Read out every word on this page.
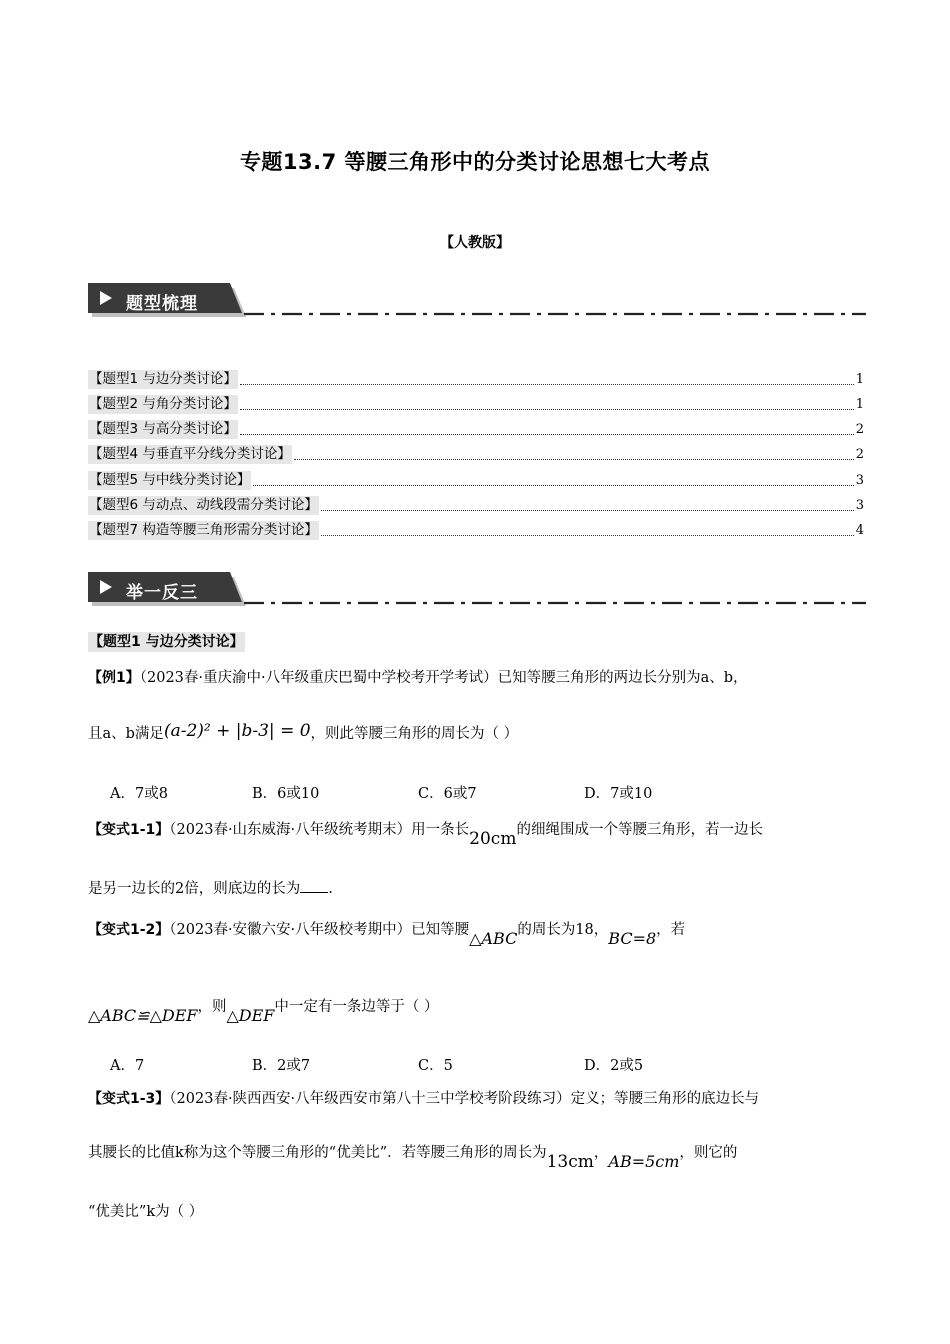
专题13.7 等腰三角形中的分类讨论思想七大考点
【人教版】
题型梳理
【题型1 与边分类讨论】	1
【题型2 与角分类讨论】	1
【题型3 与高分类讨论】	2
【题型4 与垂直平分线分类讨论】	2
【题型5 与中线分类讨论】	3
【题型6 与动点、动线段需分类讨论】	3
【题型7 构造等腰三角形需分类讨论】	4
举一反三
【题型1 与边分类讨论】
【例1】（2023春·重庆渝中·八年级重庆巴蜀中学校考开学考试）已知等腰三角形的两边长分别为a、b，
且a、b满足(a-2)² + |b-3| = 0，则此等腰三角形的周长为（ ）
A．7或8	B．6或10	C．6或7	D．7或10
【变式1-1】（2023春·山东威海·八年级统考期末）用一条长20cm的细绳围成一个等腰三角形，若一边长
是另一边长的2倍，则底边的长为 .
【变式1-2】（2023春·安徽六安·八年级校考期中）已知等腰△ABC的周长为18，BC=8，若
△ABC≌△DEF，则△DEF中一定有一条边等于（ ）
A．7	B．2或7	C．5	D．2或5
【变式1-3】（2023春·陕西西安·八年级西安市第八十三中学校考阶段练习）定义；等腰三角形的底边长与
其腰长的比值k称为这个等腰三角形的“优美比”．若等腰三角形的周长为13cm，AB=5cm，则它的
“优美比”k为（ ）
